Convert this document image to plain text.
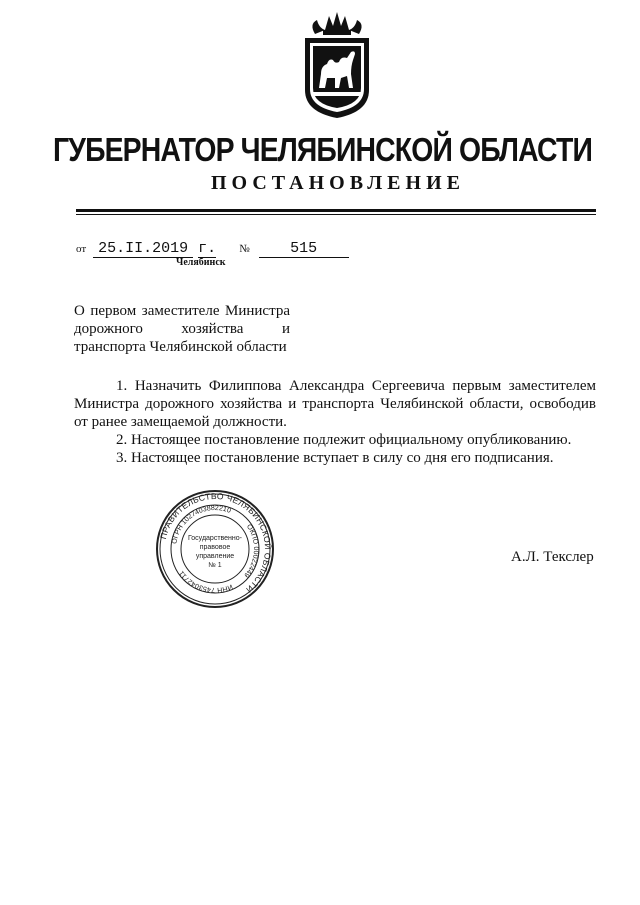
ГУБЕРНАТОР ЧЕЛЯБИНСКОЙ ОБЛАСТИ
ПОСТАНОВЛЕНИЕ
от 25.II.2019 г. №	515
Челябинск
О первом заместителе Министра
дорожного хозяйства и
транспорта Челябинской области
1. Назначить Филиппова Александра Сергеевича первым заместителем Министра дорожного хозяйства и транспорта Челябинской области, освободив от ранее замещаемой должности.
2. Настоящее постановление подлежит официальному опубликованию.
3. Настоящее постановление вступает в силу со дня его подписания.
ПРАВИТЕЛЬСТВО ЧЕЛЯБИНСКОЙ ОБЛАСТИ
ОГРН 1027403882210
ОКПО 00022449
ИНН 7453042711
Государственно-
правовое
управление
№ 1
А.Л. Текслер
